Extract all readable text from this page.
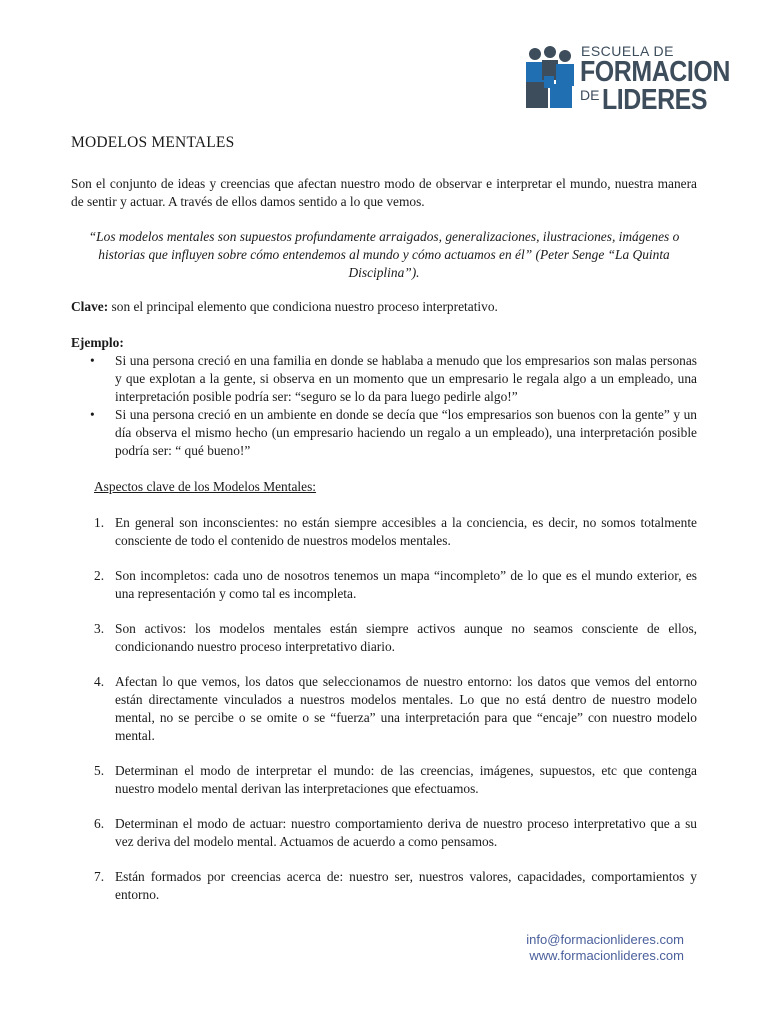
ESCUELA DE
FORMACION
DE LIDERES
MODELOS MENTALES

Son el conjunto de ideas y creencias que afectan nuestro modo de observar e interpretar el mundo, nuestra manera de sentir y actuar. A través de ellos damos sentido a lo que vemos.

“Los modelos mentales son supuestos profundamente arraigados, generalizaciones, ilustraciones, imágenes o historias que influyen sobre cómo entendemos al mundo y cómo actuamos en él” (Peter Senge “La Quinta Disciplina”).

Clave: son el principal elemento que condiciona nuestro proceso interpretativo.

Ejemplo:

• Si una persona creció en una familia en donde se hablaba a menudo que los empresarios son malas personas y que explotan a la gente, si observa en un momento que un empresario le regala algo a un empleado, una interpretación posible podría ser: “seguro se lo da para luego pedirle algo!”
• Si una persona creció en un ambiente en donde se decía que “los empresarios son buenos con la gente” y un día observa el mismo hecho (un empresario haciendo un regalo a un empleado), una interpretación posible podría ser: “ qué bueno!”

Aspectos clave de los Modelos Mentales:

1. En general son inconscientes: no están siempre accesibles a la conciencia, es decir, no somos totalmente consciente de todo el contenido de nuestros modelos mentales.
2. Son incompletos: cada uno de nosotros tenemos un mapa “incompleto” de lo que es el mundo exterior, es una representación y como tal es incompleta.
3. Son activos: los modelos mentales están siempre activos aunque no seamos consciente de ellos, condicionando nuestro proceso interpretativo diario.
4. Afectan lo que vemos, los datos que seleccionamos de nuestro entorno: los datos que vemos del entorno están directamente vinculados a nuestros modelos mentales. Lo que no está dentro de nuestro modelo mental, no se percibe o se omite o se “fuerza” una interpretación para que “encaje” con nuestro modelo mental.
5. Determinan el modo de interpretar el mundo: de las creencias, imágenes, supuestos, etc que contenga nuestro modelo mental derivan las interpretaciones que efectuamos.
6. Determinan el modo de actuar: nuestro comportamiento deriva de nuestro proceso interpretativo que a su vez deriva del modelo mental. Actuamos de acuerdo a como pensamos.
7. Están formados por creencias acerca de: nuestro ser, nuestros valores, capacidades, comportamientos y entorno.
info@formacionlideres.com
www.formacionlideres.com
